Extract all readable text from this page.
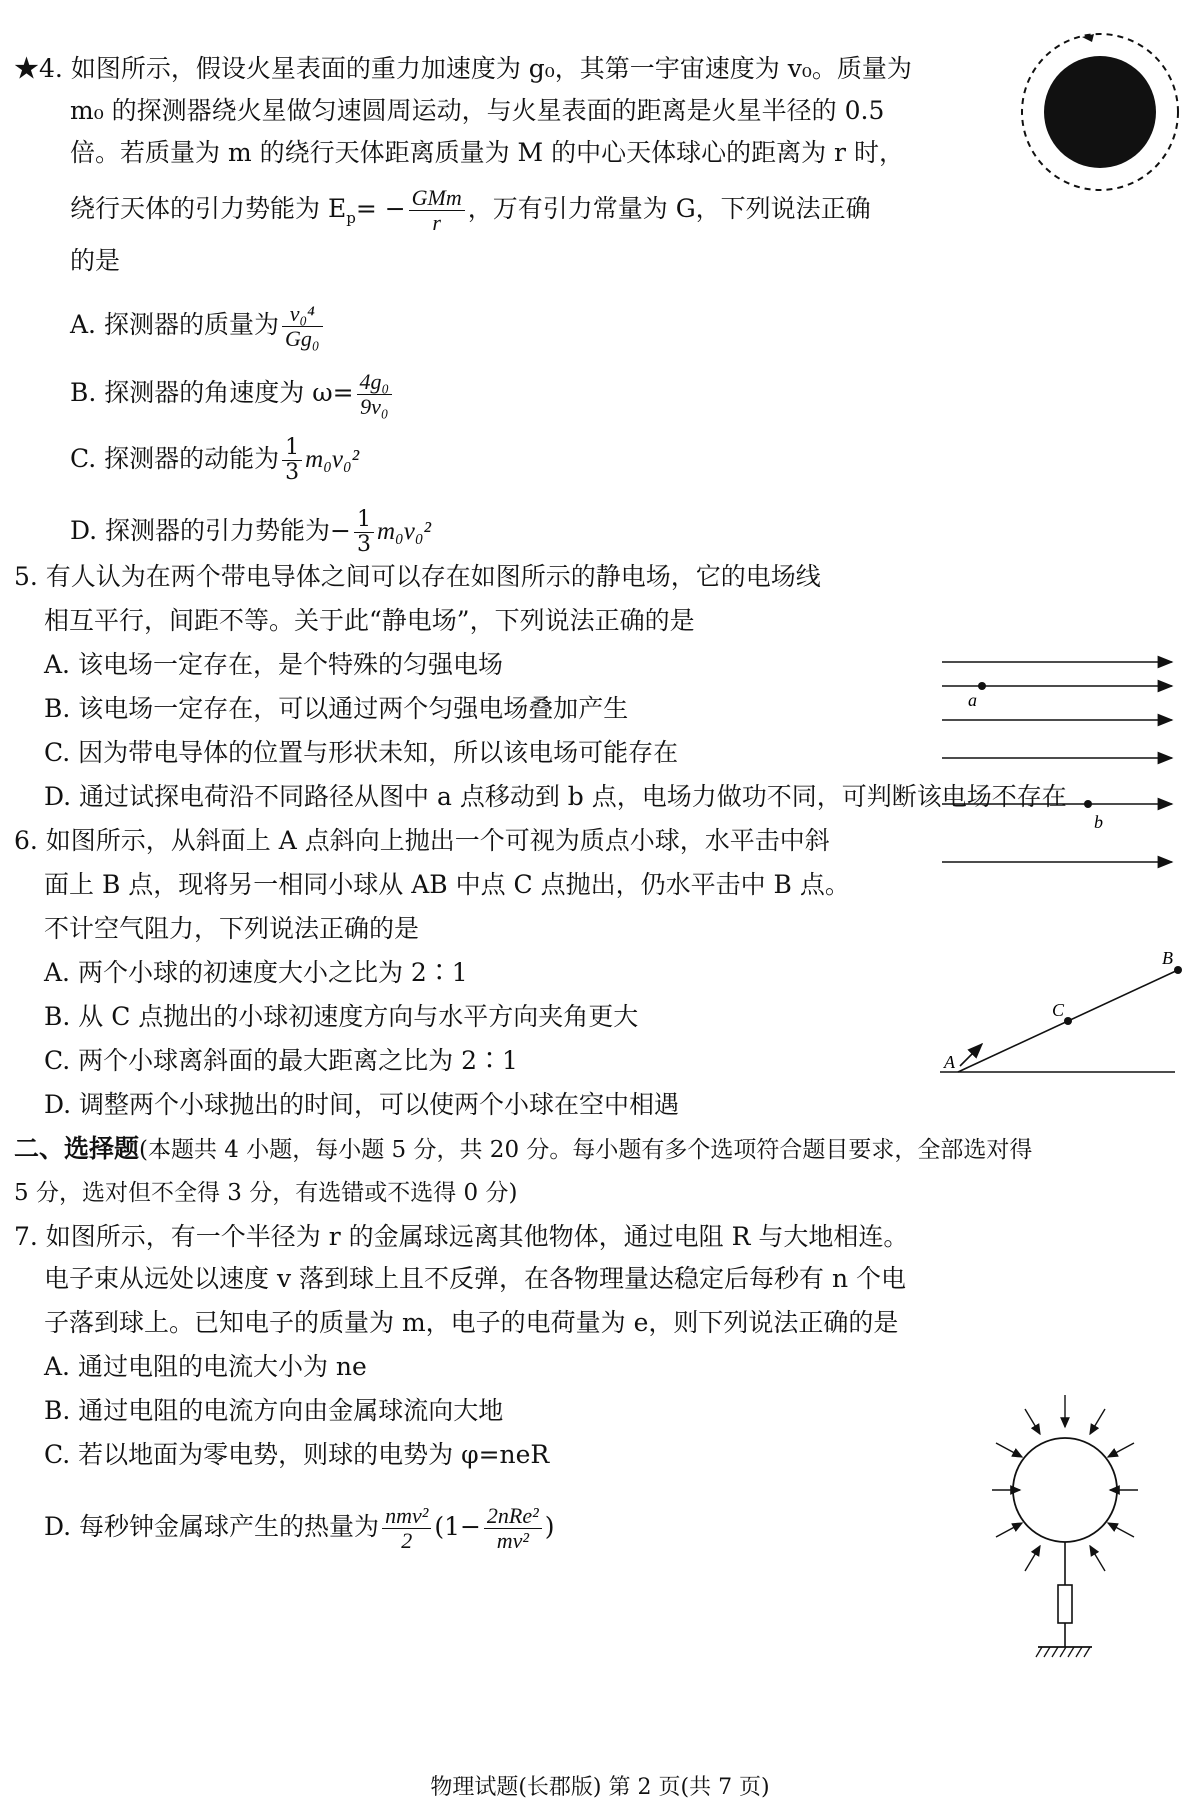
★4. 如图所示，假设火星表面的重力加速度为 g₀，其第一宇宙速度为 v₀。质量为
m₀ 的探测器绕火星做匀速圆周运动，与火星表面的距离是火星半径的 0.5
倍。若质量为 m 的绕行天体距离质量为 M 的中心天体球心的距离为 r 时，
绕行天体的引力势能为 $E_p= - \frac{\text{GMm}}{r}$ ，万有引力常量为 G，下列说法正确
的是
A. 探测器的质量为 $\frac{\text{v₀⁴}}{\text{Gg₀}}$
B. 探测器的角速度为 $\omega= \frac{\text{4g₀}}{\text{9v₀}}$
C. 探测器的动能为 $\frac{1}{3} m_0v_0^2$
D. 探测器的引力势能为− $\frac{1}{3} m_0v_0^2$
5. 有人认为在两个带电导体之间可以存在如图所示的静电场，它的电场线
相互平行，间距不等。关于此“静电场”，下列说法正确的是
A. 该电场一定存在，是个特殊的匀强电场
B. 该电场一定存在，可以通过两个匀强电场叠加产生
C. 因为带电导体的位置与形状未知，所以该电场可能存在
D. 通过试探电荷沿不同路径从图中 a 点移动到 b 点，电场力做功不同，可判断该电场不存在
a
b
6. 如图所示，从斜面上 A 点斜向上抛出一个可视为质点小球，水平击中斜
面上 B 点，现将另一相同小球从 AB 中点 C 点抛出，仍水平击中 B 点。
不计空气阻力，下列说法正确的是
A. 两个小球的初速度大小之比为 2∶1
B. 从 C 点抛出的小球初速度方向与水平方向夹角更大
C. 两个小球离斜面的最大距离之比为 2∶1
D. 调整两个小球抛出的时间，可以使两个小球在空中相遇
B
C
A
二、选择题(本题共 4 小题，每小题 5 分，共 20 分。每小题有多个选项符合题目要求，全部选对得
5 分，选对但不全得 3 分，有选错或不选得 0 分)
7. 如图所示，有一个半径为 r 的金属球远离其他物体，通过电阻 R 与大地相连。
电子束从远处以速度 v 落到球上且不反弹，在各物理量达稳定后每秒有 n 个电
子落到球上。已知电子的质量为 m，电子的电荷量为 e，则下列说法正确的是
A. 通过电阻的电流大小为 ne
B. 通过电阻的电流方向由金属球流向大地
C. 若以地面为零电势，则球的电势为 φ=neR
D. 每秒钟金属球产生的热量为 $\frac{\text{nmv²}}{2} (1- \frac{\text{2nRe²}}{\text{mv²}}$ )
物理试题(长郡版) 第 2 页(共 7 页)
